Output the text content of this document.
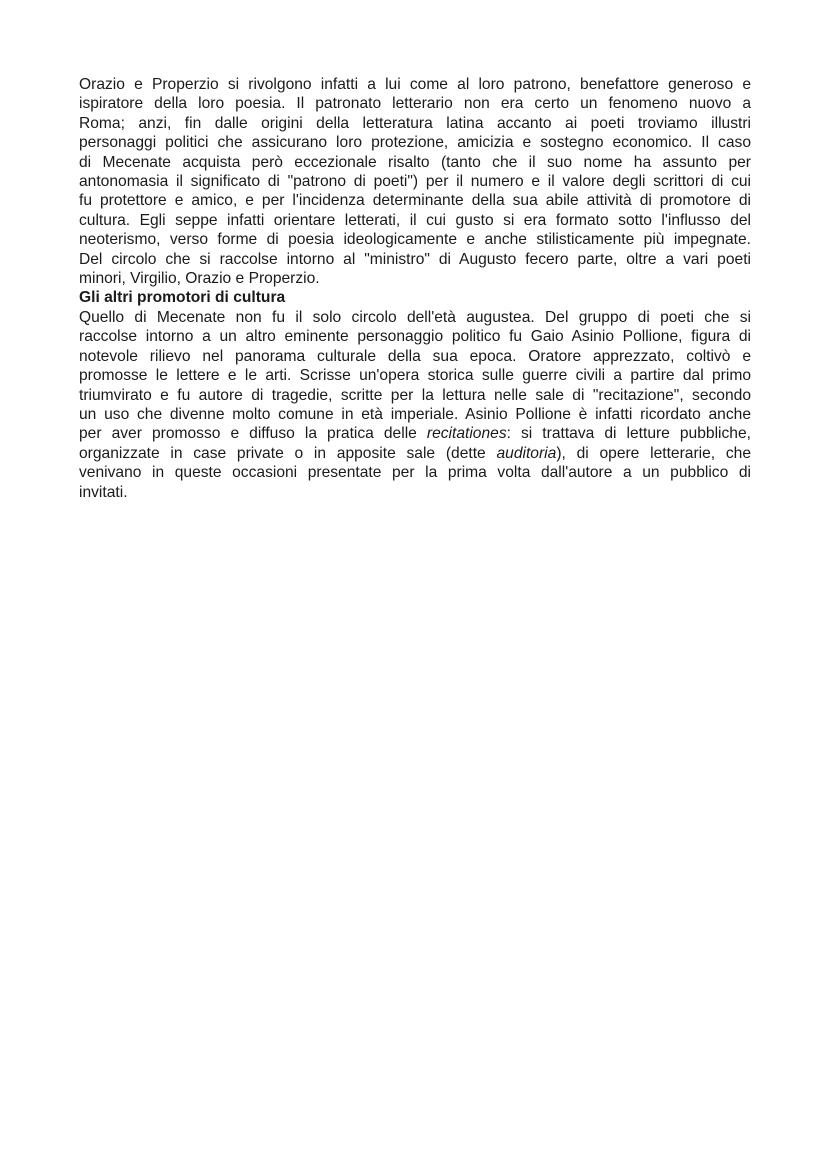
Orazio e Properzio si rivolgono infatti a lui come al loro patrono, benefattore generoso e
ispiratore della loro poesia. Il patronato letterario non era certo un fenomeno nuovo a
Roma; anzi, fin dalle origini della letteratura latina accanto ai poeti troviamo illustri
personaggi politici che assicurano loro protezione, amicizia e sostegno economico. Il caso
di Mecenate acquista però eccezionale risalto (tanto che il suo nome ha assunto per
antonomasia il significato di "patrono di poeti") per il numero e il valore degli scrittori di cui
fu protettore e amico, e per l'incidenza determinante della sua abile attività di promotore di
cultura. Egli seppe infatti orientare letterati, il cui gusto si era formato sotto l'influsso del
neoterismo, verso forme di poesia ideologicamente e anche stilisticamente più impegnate.
Del circolo che si raccolse intorno al "ministro" di Augusto fecero parte, oltre a vari poeti
minori, Virgilio, Orazio e Properzio.

Gli altri promotori di cultura

Quello di Mecenate non fu il solo circolo dell'età augustea. Del gruppo di poeti che si
raccolse intorno a un altro eminente personaggio politico fu Gaio Asinio Pollione, figura di
notevole rilievo nel panorama culturale della sua epoca. Oratore apprezzato, coltivò e
promosse le lettere e le arti. Scrisse un'opera storica sulle guerre civili a partire dal primo
triumvirato e fu autore di tragedie, scritte per la lettura nelle sale di "recitazione", secondo
un uso che divenne molto comune in età imperiale. Asinio Pollione è infatti ricordato anche
per aver promosso e diffuso la pratica delle recitationes: si trattava di letture pubbliche,
organizzate in case private o in apposite sale (dette auditoria), di opere letterarie, che
venivano in queste occasioni presentate per la prima volta dall'autore a un pubblico di
invitati.
